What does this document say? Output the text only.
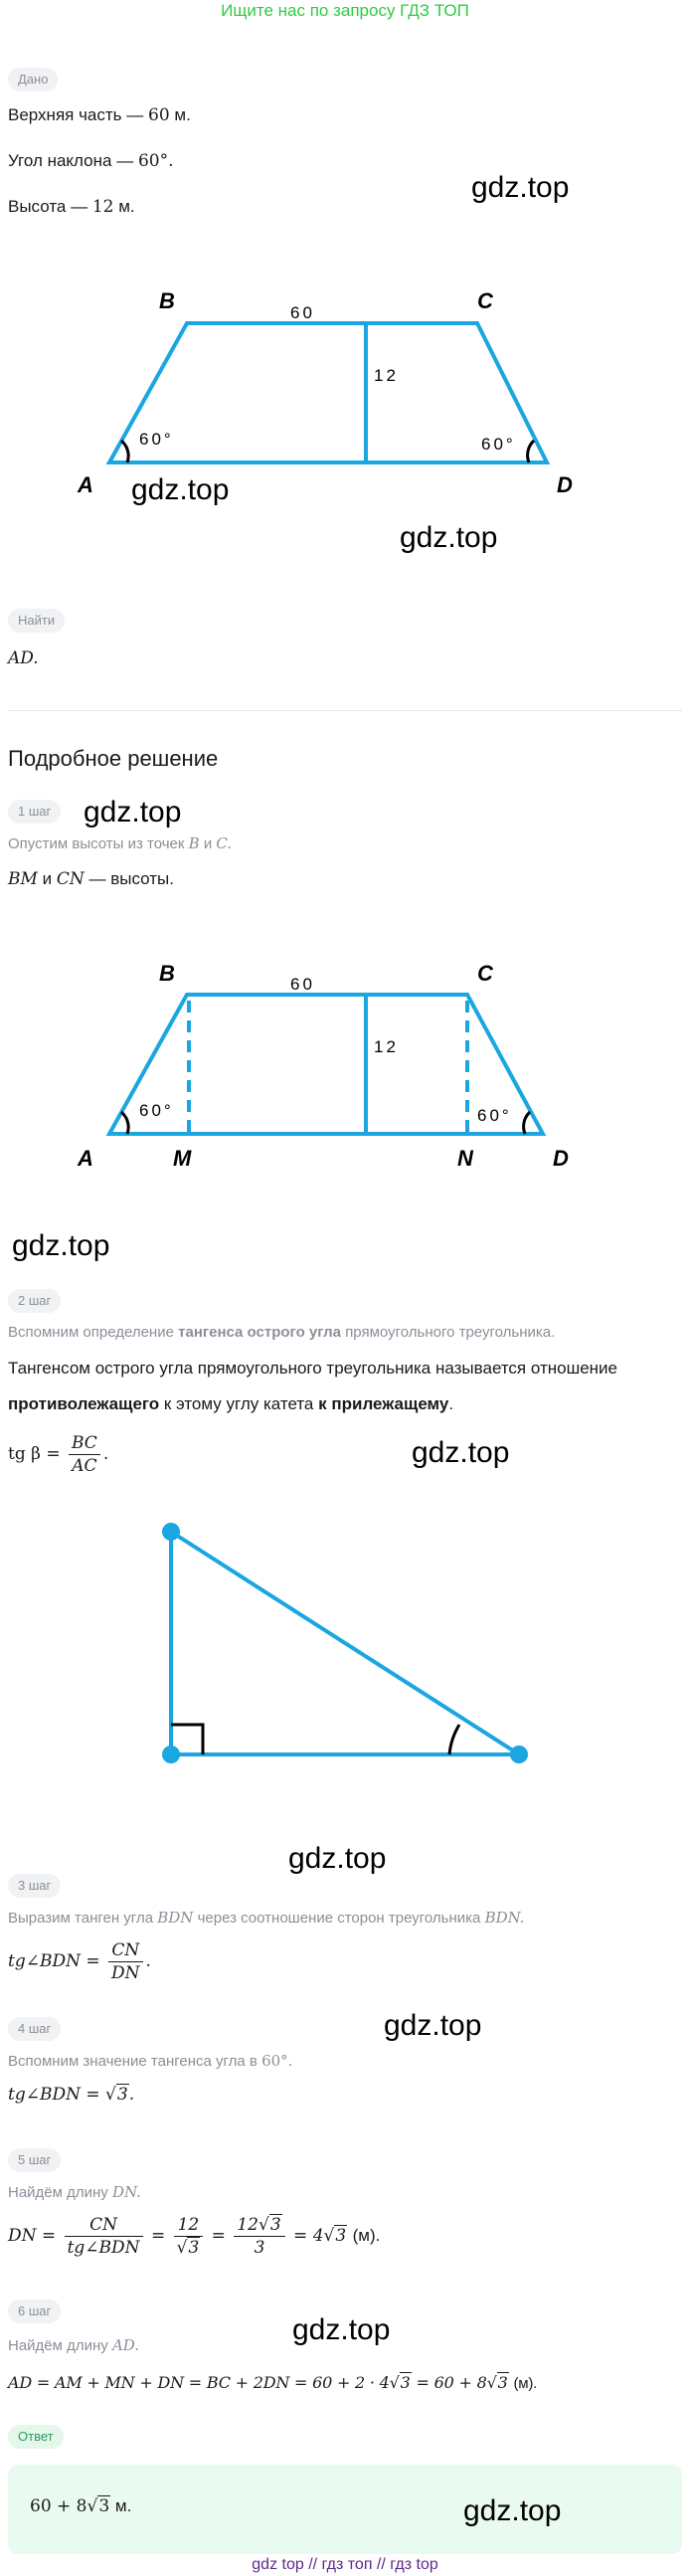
Ищите нас по запросу ГДЗ ТОП
Дано
Верхняя часть — 60 м.
Угол наклона — 60°.
Высота — 12 м.
gdz.top
B	C
A	D
60
12
60°	60°
gdz.top
gdz.top
Найти
AD.
Подробное решение
1 шаг	gdz.top
Опустим высоты из точек B и C.
BM и CN — высоты.
B	C
A	M	N	D
60
12
60°	60°
gdz.top
2 шаг
Вспомним определение тангенса острого угла прямоугольного треугольника.
Тангенсом острого угла прямоугольного треугольника называется отношение
противолежащего к этому углу катета к прилежащему.
tg $\beta = \frac{BC}{AC}$ .	gdz.top
gdz.top
3 шаг
Выразим танген угла BDN через соотношение сторон треугольника BDN.
tg∠BDN = $\frac{CN}{DN}$ .
gdz.top
4 шаг
Вспомним значение тангенса угла в 60°.
tg∠BDN = √3.
5 шаг
Найдём длину DN.
DN = $\frac{CN}{\text{tg∠BDN}} = \frac{12}{√3} = \frac{12√3}{3} = 4√3$ (м).
6 шаг
gdz.top
Найдём длину AD.
AD = AM + MN + DN = BC + 2DN = 60 + 2 · 4√3 = 60 + 8√3 (м).
Ответ
60 + 8√3 м.	gdz.top
gdz top // гдз топ // гдз top
